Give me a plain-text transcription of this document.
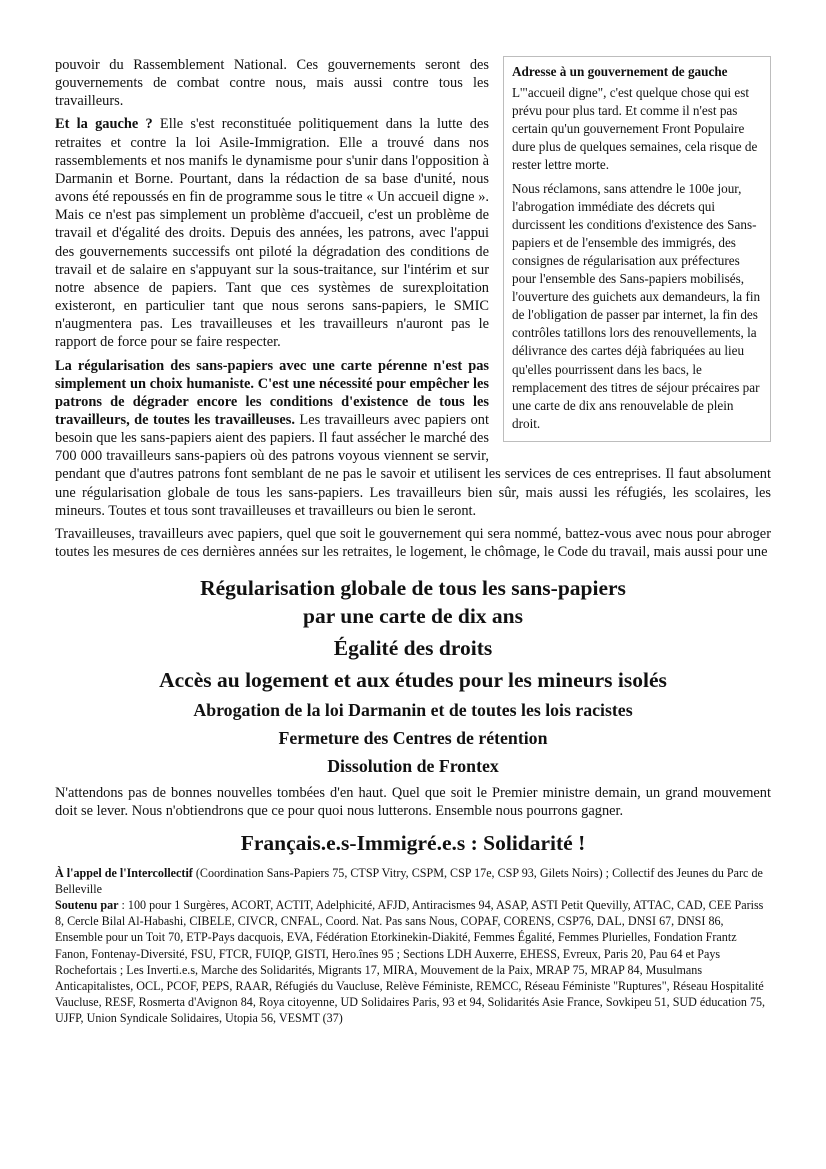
Adresse à un gouvernement de gauche

L'"accueil digne", c'est quelque chose qui est prévu pour plus tard. Et comme il n'est pas certain qu'un gouvernement Front Populaire dure plus de quelques semaines, cela risque de rester lettre morte.

Nous réclamons, sans attendre le 100e jour, l'abrogation immédiate des décrets qui durcissent les conditions d'existence des Sans-papiers et de l'ensemble des immigrés, des consignes de régularisation aux préfectures pour l'ensemble des Sans-papiers mobilisés, l'ouverture des guichets aux demandeurs, la fin de l'obligation de passer par internet, la fin des contrôles tatillons lors des renouvellements, la délivrance des cartes déjà fabriquées au lieu qu'elles pourrissent dans les bacs, le remplacement des titres de séjour précaires par une carte de dix ans renouvelable de plein droit.

pouvoir du Rassemblement National. Ces gouvernements seront des gouvernements de combat contre nous, mais aussi contre tous les travailleurs.

Et la gauche ? Elle s'est reconstituée politiquement dans la lutte des retraites et contre la loi Asile-Immigration. Elle a trouvé dans nos rassemblements et nos manifs le dynamisme pour s'unir dans l'opposition à Darmanin et Borne. Pourtant, dans la rédaction de sa base d'unité, nous avons été repoussés en fin de programme sous le titre « Un accueil digne ». Mais ce n'est pas simplement un problème d'accueil, c'est un problème de travail et d'égalité des droits. Depuis des années, les patrons, avec l'appui des gouvernements successifs ont piloté la dégradation des conditions de travail et de salaire en s'appuyant sur la sous-traitance, sur l'intérim et sur notre absence de papiers. Tant que ces systèmes de surexploitation existeront, en particulier tant que nous serons sans-papiers, le SMIC n'augmentera pas. Les travailleuses et les travailleurs n'auront pas le rapport de force pour se faire respecter.

La régularisation des sans-papiers avec une carte pérenne n'est pas simplement un choix humaniste. C'est une nécessité pour empêcher les patrons de dégrader encore les conditions d'existence de tous les travailleurs, de toutes les travailleuses. Les travailleurs avec papiers ont besoin que les sans-papiers aient des papiers. Il faut assécher le marché des 700 000 travailleurs sans-papiers où des patrons voyous viennent se servir, pendant que d'autres patrons font semblant de ne pas le savoir et utilisent les services de ces entreprises. Il faut absolument une régularisation globale de tous les sans-papiers. Les travailleurs bien sûr, mais aussi les réfugiés, les scolaires, les mineurs. Toutes et tous sont travailleuses et travailleurs ou bien le seront.

Travailleuses, travailleurs avec papiers, quel que soit le gouvernement qui sera nommé, battez-vous avec nous pour abroger toutes les mesures de ces dernières années sur les retraites, le logement, le chômage, le Code du travail, mais aussi pour une

Régularisation globale de tous les sans-papiers
par une carte de dix ans
Égalité des droits
Accès au logement et aux études pour les mineurs isolés
Abrogation de la loi Darmanin et de toutes les lois racistes
Fermeture des Centres de rétention
Dissolution de Frontex

N'attendons pas de bonnes nouvelles tombées d'en haut. Quel que soit le Premier ministre demain, un grand mouvement doit se lever. Nous n'obtiendrons que ce pour quoi nous lutterons. Ensemble nous pourrons gagner.

Français.e.s-Immigré.e.s : Solidarité !

À l'appel de l'Intercollectif (Coordination Sans-Papiers 75, CTSP Vitry, CSPM, CSP 17e, CSP 93, Gilets Noirs) ; Collectif des Jeunes du Parc de Belleville

Soutenu par : 100 pour 1 Surgères, ACORT, ACTIT, Adelphicité, AFJD, Antiracismes 94, ASAP, ASTI Petit Quevilly, ATTAC, CAD, CEE Pariss 8, Cercle Bilal Al-Habashi, CIBELE, CIVCR, CNFAL, Coord. Nat. Pas sans Nous, COPAF, CORENS, CSP76, DAL, DNSI 67, DNSI 86, Ensemble pour un Toit 70, ETP-Pays dacquois, EVA, Fédération Etorkinekin-Diakité, Femmes Égalité, Femmes Plurielles, Fondation Frantz Fanon, Fontenay-Diversité, FSU, FTCR, FUIQP, GISTI, Hero.înes 95 ; Sections LDH Auxerre, EHESS, Evreux, Paris 20, Pau 64 et Pays Rochefortais ; Les Inverti.e.s, Marche des Solidarités, Migrants 17, MIRA, Mouvement de la Paix, MRAP 75, MRAP 84, Musulmans Anticapitalistes, OCL, PCOF, PEPS, RAAR, Réfugiés du Vaucluse, Relève Féministe, REMCC, Réseau Féministe "Ruptures", Réseau Hospitalité Vaucluse, RESF, Rosmerta d'Avignon 84, Roya citoyenne, UD Solidaires Paris, 93 et 94, Solidarités Asie France, Sovkipeu 51, SUD éducation 75, UJFP, Union Syndicale Solidaires, Utopia 56, VESMT (37)
